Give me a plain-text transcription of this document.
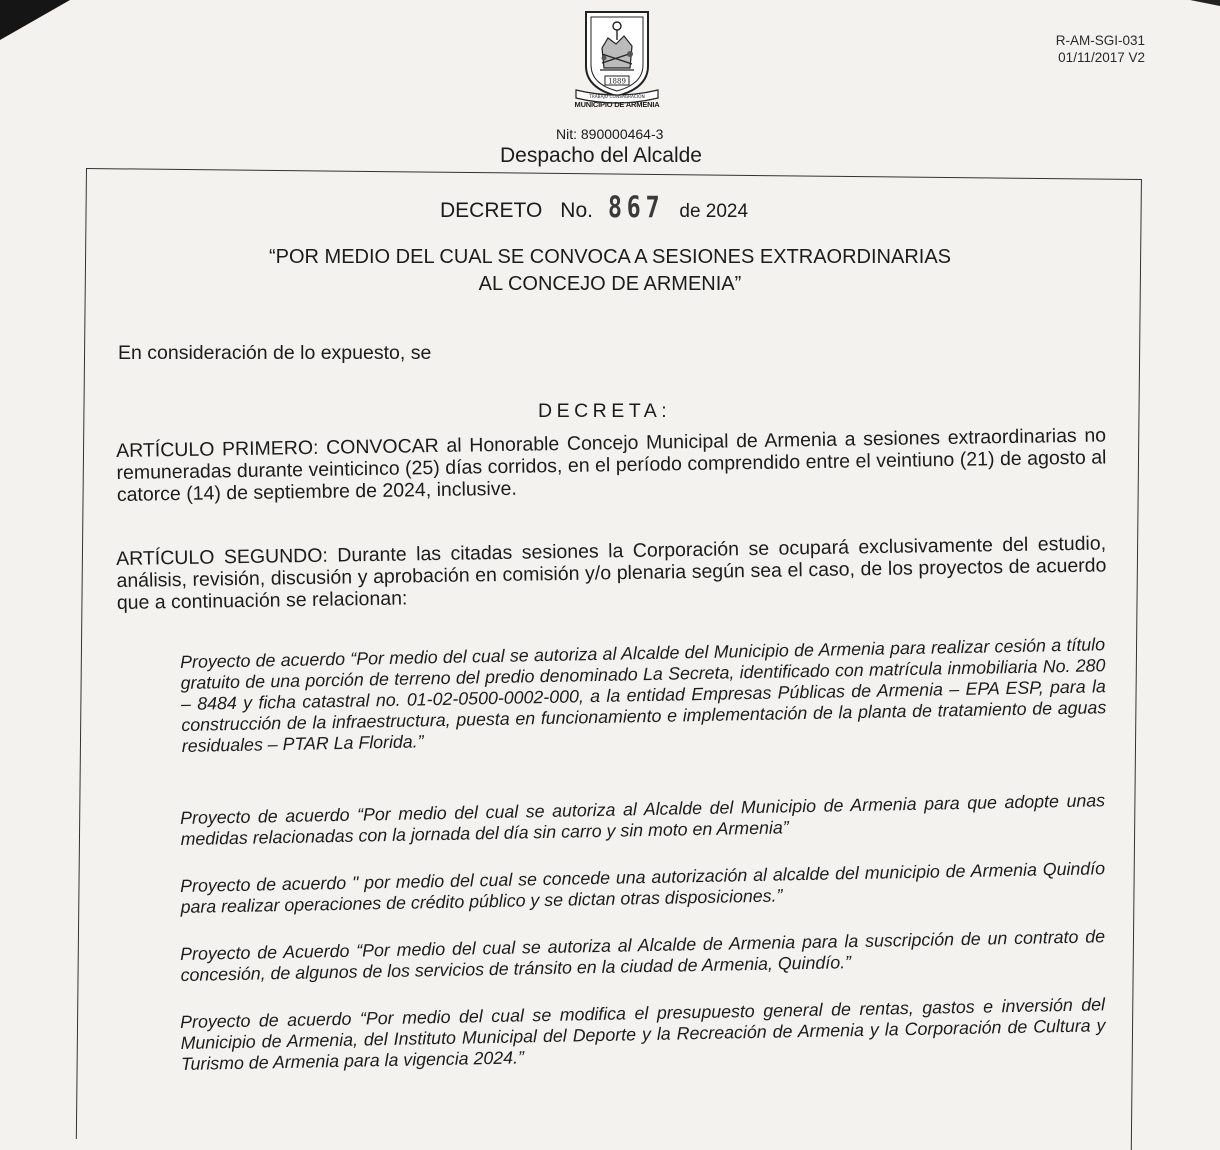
R-AM-SGI-031
01/11/2017 V2
1889
TRABAJO CONSAGRACIÓN
MUNICIPIO DE ARMENIA
Nit: 890000464-3
Despacho del Alcalde
DECRETO No. 867 de 2024
“POR MEDIO DEL CUAL SE CONVOCA A SESIONES EXTRAORDINARIAS
AL CONCEJO DE ARMENIA”
En consideración de lo expuesto, se
DECRETA:
ARTÍCULO PRIMERO: CONVOCAR al Honorable Concejo Municipal de Armenia a sesiones extraordinarias no remuneradas durante veinticinco (25) días corridos, en el período comprendido entre el veintiuno (21) de agosto al catorce (14) de septiembre de 2024, inclusive.
ARTÍCULO SEGUNDO: Durante las citadas sesiones la Corporación se ocupará exclusivamente del estudio, análisis, revisión, discusión y aprobación en comisión y/o plenaria según sea el caso, de los proyectos de acuerdo que a continuación se relacionan:
Proyecto de acuerdo “Por medio del cual se autoriza al Alcalde del Municipio de Armenia para realizar cesión a título gratuito de una porción de terreno del predio denominado La Secreta, identificado con matrícula inmobiliaria No. 280 – 8484 y ficha catastral no. 01-02-0500-0002-000, a la entidad Empresas Públicas de Armenia – EPA ESP, para la construcción de la infraestructura, puesta en funcionamiento e implementación de la planta de tratamiento de aguas residuales – PTAR La Florida.”
Proyecto de acuerdo “Por medio del cual se autoriza al Alcalde del Municipio de Armenia para que adopte unas medidas relacionadas con la jornada del día sin carro y sin moto en Armenia”
Proyecto de acuerdo " por medio del cual se concede una autorización al alcalde del municipio de Armenia Quindío para realizar operaciones de crédito público y se dictan otras disposiciones.”
Proyecto de Acuerdo “Por medio del cual se autoriza al Alcalde de Armenia para la suscripción de un contrato de concesión, de algunos de los servicios de tránsito en la ciudad de Armenia, Quindío.”
Proyecto de acuerdo “Por medio del cual se modifica el presupuesto general de rentas, gastos e inversión del Municipio de Armenia, del Instituto Municipal del Deporte y la Recreación de Armenia y la Corporación de Cultura y Turismo de Armenia para la vigencia 2024.”
